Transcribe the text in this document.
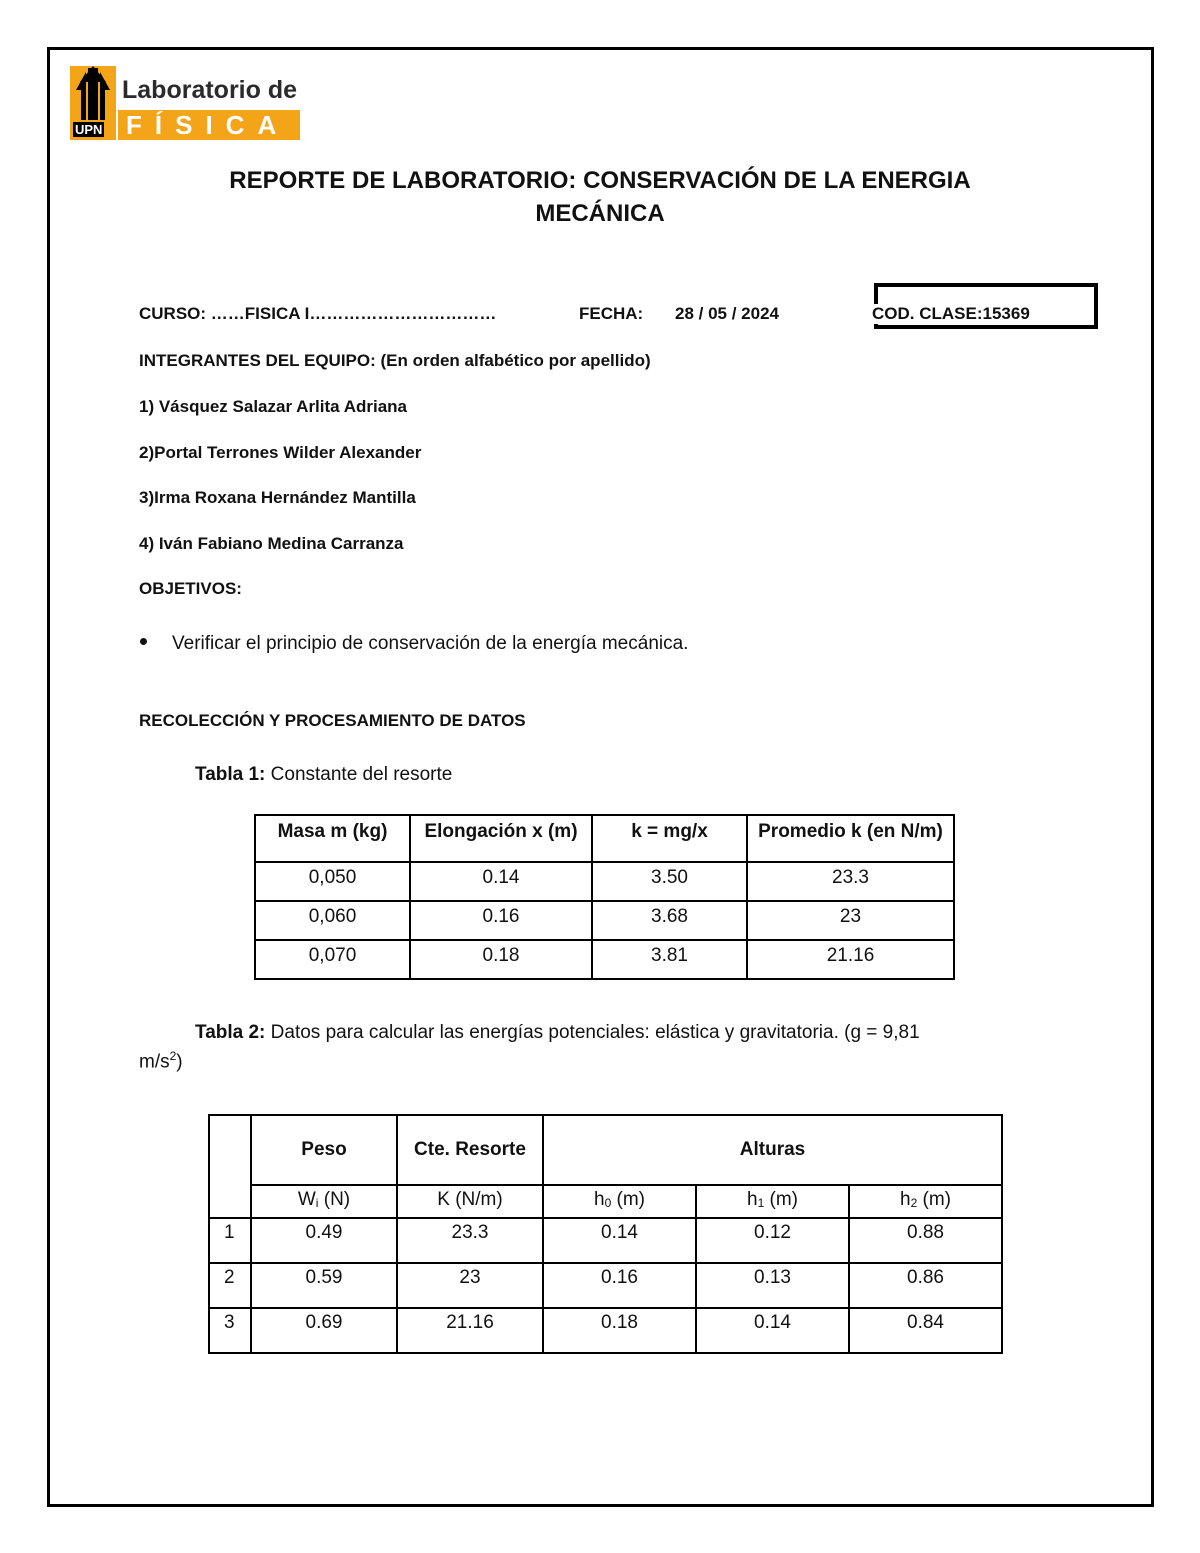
UPN
Laboratorio de
FÍSICA
REPORTE DE LABORATORIO: CONSERVACIÓN DE LA ENERGIA
MECÁNICA
CURSO: ……FISICA I……………………………	FECHA: 28 / 05 / 2024	COD. CLASE:15369
INTEGRANTES DEL EQUIPO: (En orden alfabético por apellido)
1) Vásquez Salazar Arlita Adriana
2)Portal Terrones Wilder Alexander
3)Irma Roxana Hernández Mantilla
4) Iván Fabiano Medina Carranza
OBJETIVOS:
Verificar el principio de conservación de la energía mecánica.
RECOLECCIÓN Y PROCESAMIENTO DE DATOS
Tabla 1: Constante del resorte
Masa m (kg)	Elongación x (m)	k = mg/x	Promedio k (en N/m)
0,050	0.14	3.50	23.3
0,060	0.16	3.68	23
0,070	0.18	3.81	21.16
Tabla 2: Datos para calcular las energías potenciales: elástica y gravitatoria. (g = 9,81
$m/s^2$)
	Peso	Cte. Resorte	Alturas		
	$W_i$ (N)	K (N/m)	$h_0$ (m)	$h_1$ (m)	$h_2$ (m)
1	0.49	23.3	0.14	0.12	0.88
2	0.59	23	0.16	0.13	0.86
3	0.69	21.16	0.18	0.14	0.84
